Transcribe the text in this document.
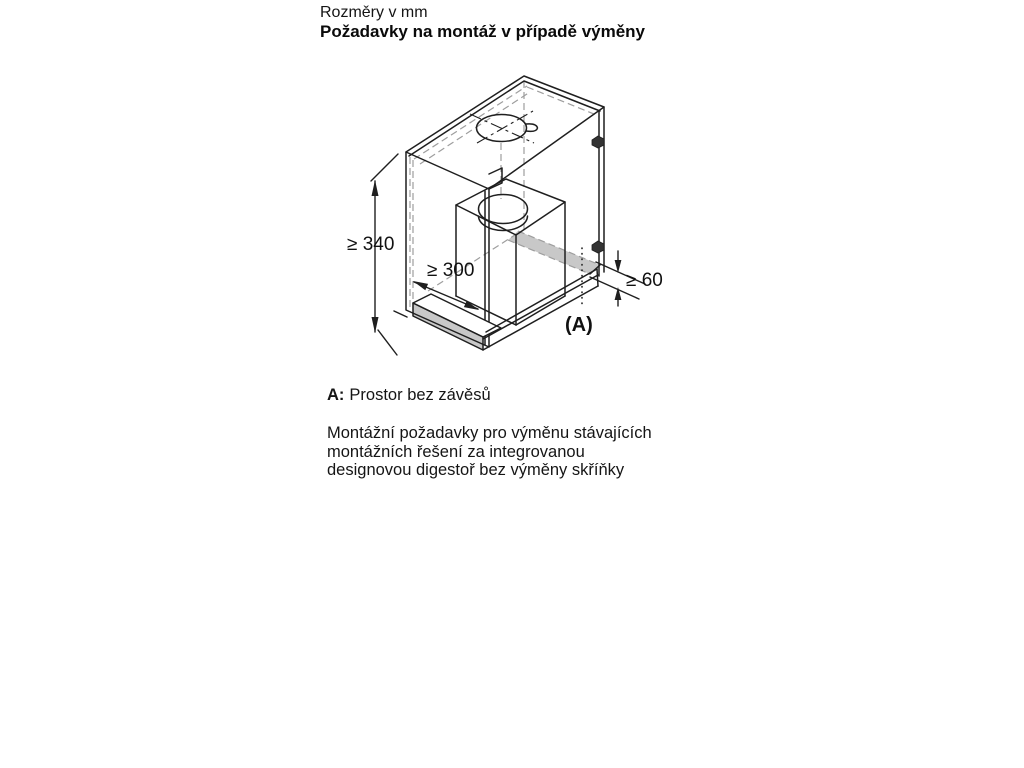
Rozměry v mm
Požadavky na montáž v případě výměny
≥ 340
≥ 300	≥ 60
(A)
A: Prostor bez závěsů
Montážní požadavky pro výměnu stávajících
montážních řešení za integrovanou
designovou digestoř bez výměny skříňky
